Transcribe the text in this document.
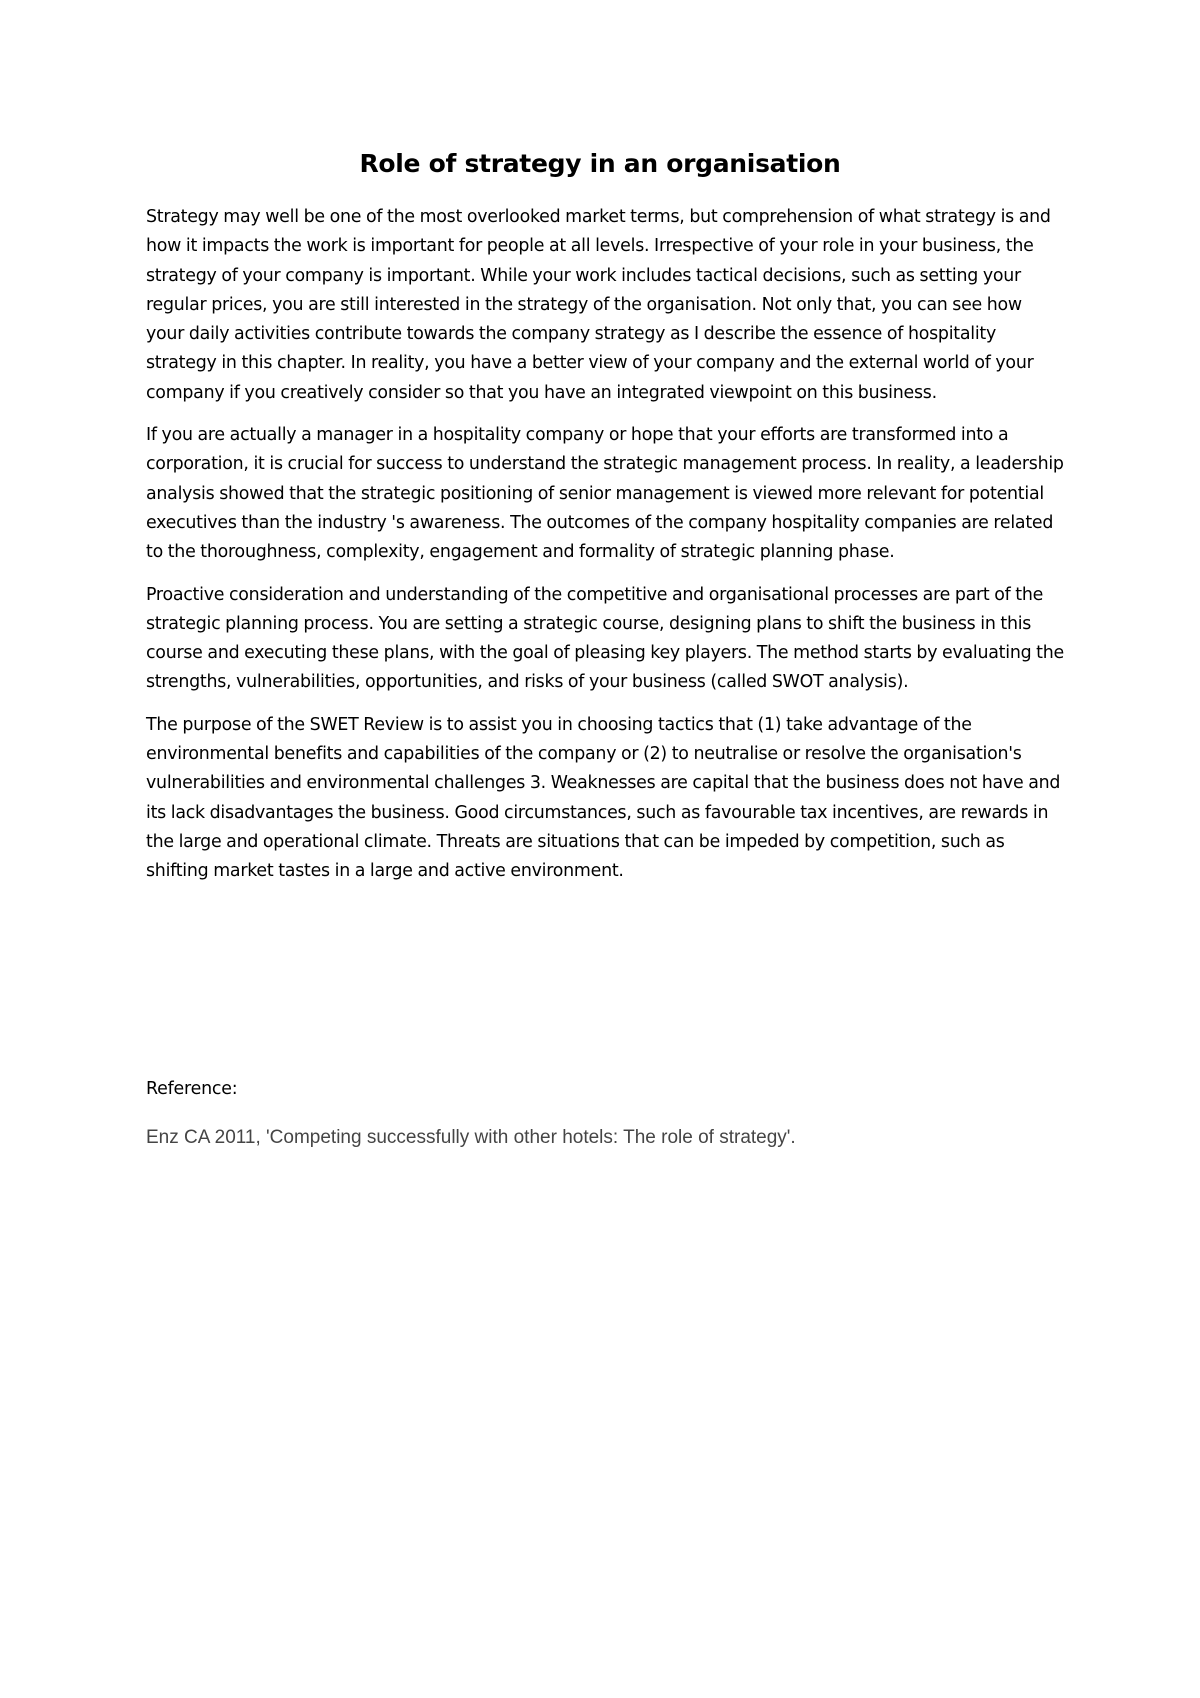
Role of strategy in an organisation

Strategy may well be one of the most overlooked market terms, but comprehension of what strategy is and how it impacts the work is important for people at all levels. Irrespective of your role in your business, the strategy of your company is important. While your work includes tactical decisions, such as setting your regular prices, you are still interested in the strategy of the organisation. Not only that, you can see how your daily activities contribute towards the company strategy as I describe the essence of hospitality strategy in this chapter. In reality, you have a better view of your company and the external world of your company if you creatively consider so that you have an integrated viewpoint on this business.

If you are actually a manager in a hospitality company or hope that your efforts are transformed into a corporation, it is crucial for success to understand the strategic management process. In reality, a leadership analysis showed that the strategic positioning of senior management is viewed more relevant for potential executives than the industry 's awareness. The outcomes of the company hospitality companies are related to the thoroughness, complexity, engagement and formality of strategic planning phase.

Proactive consideration and understanding of the competitive and organisational processes are part of the strategic planning process. You are setting a strategic course, designing plans to shift the business in this course and executing these plans, with the goal of pleasing key players. The method starts by evaluating the strengths, vulnerabilities, opportunities, and risks of your business (called SWOT analysis).

The purpose of the SWET Review is to assist you in choosing tactics that (1) take advantage of the environmental benefits and capabilities of the company or (2) to neutralise or resolve the organisation's vulnerabilities and environmental challenges 3. Weaknesses are capital that the business does not have and its lack disadvantages the business. Good circumstances, such as favourable tax incentives, are rewards in the large and operational climate. Threats are situations that can be impeded by competition, such as shifting market tastes in a large and active environment.

Reference:

Enz CA 2011, 'Competing successfully with other hotels: The role of strategy'.
